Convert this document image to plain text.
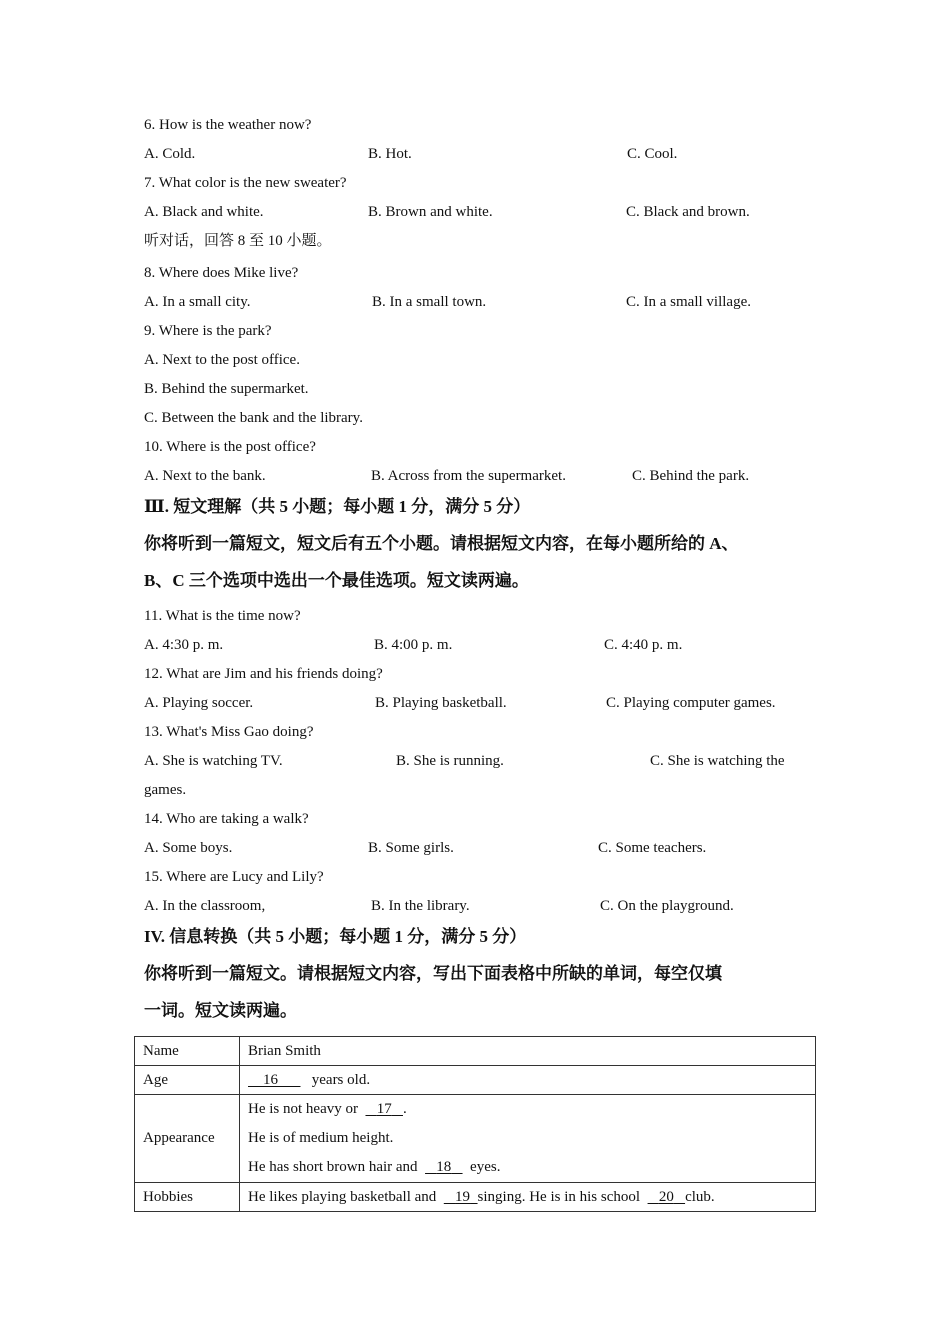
6. How is the weather now?
A. Cold.	B. Hot.	C. Cool.
7. What color is the new sweater?
A. Black and white.	B. Brown and white.	C. Black and brown.
听对话，回答 8 至 10 小题。
8. Where does Mike live?
A. In a small city.	B. In a small town.	C. In a small village.
9. Where is the park?
A. Next to the post office.
B. Behind the supermarket.
C. Between the bank and the library.
10. Where is the post office?
A. Next to the bank.	B. Across from the supermarket.	C. Behind the park.
Ⅲ. 短文理解（共 5 小题；每小题 1 分，满分 5 分）
你将听到一篇短文，短文后有五个小题。请根据短文内容，在每小题所给的 A、
B、C 三个选项中选出一个最佳选项。短文读两遍。
11. What is the time now?
A. 4:30 p. m.	B. 4:00 p. m.	C. 4:40 p. m.
12. What are Jim and his friends doing?
A. Playing soccer.	B. Playing basketball.	C. Playing computer games.
13. What's Miss Gao doing?
A. She is watching TV.	B. She is running.	C. She is watching the
games.
14. Who are taking a walk?
A. Some boys.	B. Some girls.	C. Some teachers.
15. Where are Lucy and Lily?
A. In the classroom,	B. In the library.	C. On the playground.
IV. 信息转换（共 5 小题；每小题 1 分，满分 5 分）
你将听到一篇短文。请根据短文内容，写出下面表格中所缺的单词，每空仅填
一词。短文读两遍。
Name	Brian Smith
Age	16 years old.
Appearance	He is not heavy or 17 .
He is of medium height.
He has short brown hair and 18 eyes.

Hobbies	He likes playing basketball and 19 singing. He is in his school 20 club.
